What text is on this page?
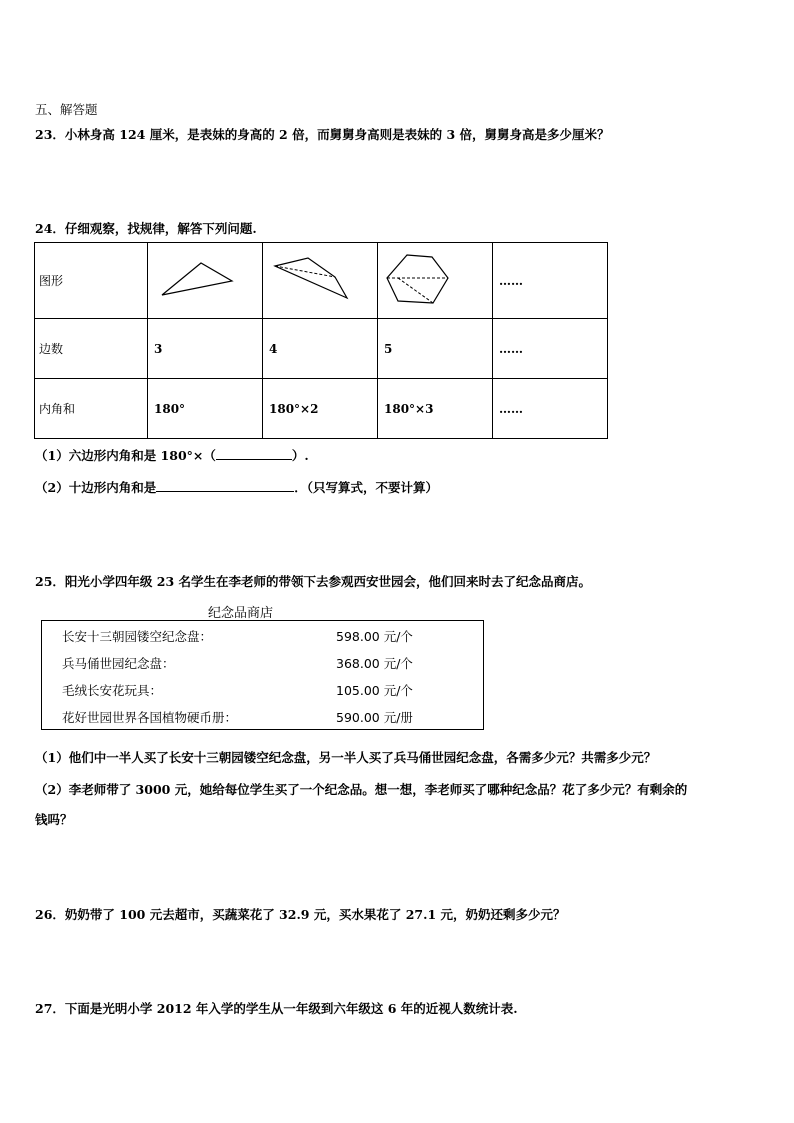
五、解答题
23．小林身高 124 厘米，是表妹的身高的 2 倍，而舅舅身高则是表妹的 3 倍，舅舅身高是多少厘米？
24．仔细观察，找规律，解答下列问题.
图形				……
边数	3	4	5	……
内角和	180°	180°×2	180°×3	……
（1）六边形内角和是 180°×（	）.
（2）十边形内角和是	．（只写算式，不要计算）
25．阳光小学四年级 23 名学生在李老师的带领下去参观西安世园会，他们回来时去了纪念品商店。
纪念品商店
长安十三朝园镂空纪念盘：	598.00 元/个
兵马俑世园纪念盘：	368.00 元/个
毛绒长安花玩具：	105.00 元/个
花好世园世界各国植物硬币册：	590.00 元/册
（1）他们中一半人买了长安十三朝园镂空纪念盘，另一半人买了兵马俑世园纪念盘，各需多少元？共需多少元？
（2）李老师带了 3000 元，她给每位学生买了一个纪念品。想一想，李老师买了哪种纪念品？花了多少元？有剩余的
钱吗？
26．奶奶带了 100 元去超市，买蔬菜花了 32.9 元，买水果花了 27.1 元，奶奶还剩多少元？
27．下面是光明小学 2012 年入学的学生从一年级到六年级这 6 年的近视人数统计表.
